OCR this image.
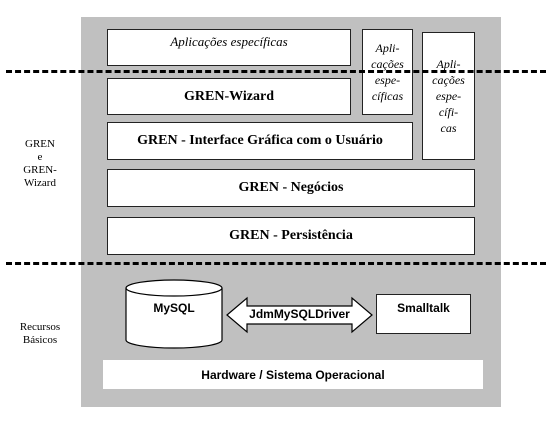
Aplicações específicas	Apli-
cações
espe-
cíficas
Apli-
cações
espe-
cífi-
cas
GREN-Wizard
GREN - Interface Gráfica com o Usuário
GREN - Negócios
GREN - Persistência
MySQL	JdmMySQLDriver	Smalltalk
Hardware / Sistema Operacional
GREN
e
GREN-
Wizard
Recursos
Básicos
